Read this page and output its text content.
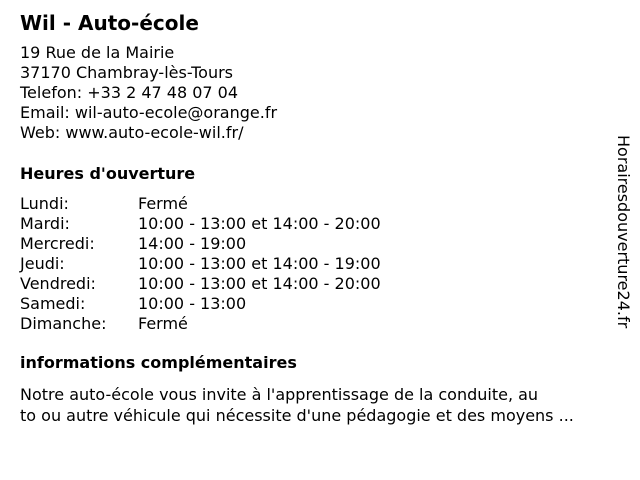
Wil - Auto-école
19 Rue de la Mairie
37170 Chambray-lès-Tours
Telefon: +33 2 47 48 07 04
Email: wil-auto-ecole@orange.fr
Web: www.auto-ecole-wil.fr/
Heures d'ouverture
Lundi:	Fermé
Mardi:	10:00 - 13:00 et 14:00 - 20:00
Mercredi:	14:00 - 19:00
Jeudi:	10:00 - 13:00 et 14:00 - 19:00
Vendredi:	10:00 - 13:00 et 14:00 - 20:00
Samedi:	10:00 - 13:00
Dimanche: Fermé
informations complémentaires
Notre auto-école vous invite à l'apprentissage de la conduite, au
to ou autre véhicule qui nécessite d'une pédagogie et des moyens ...
Horairesdouverture24.fr
